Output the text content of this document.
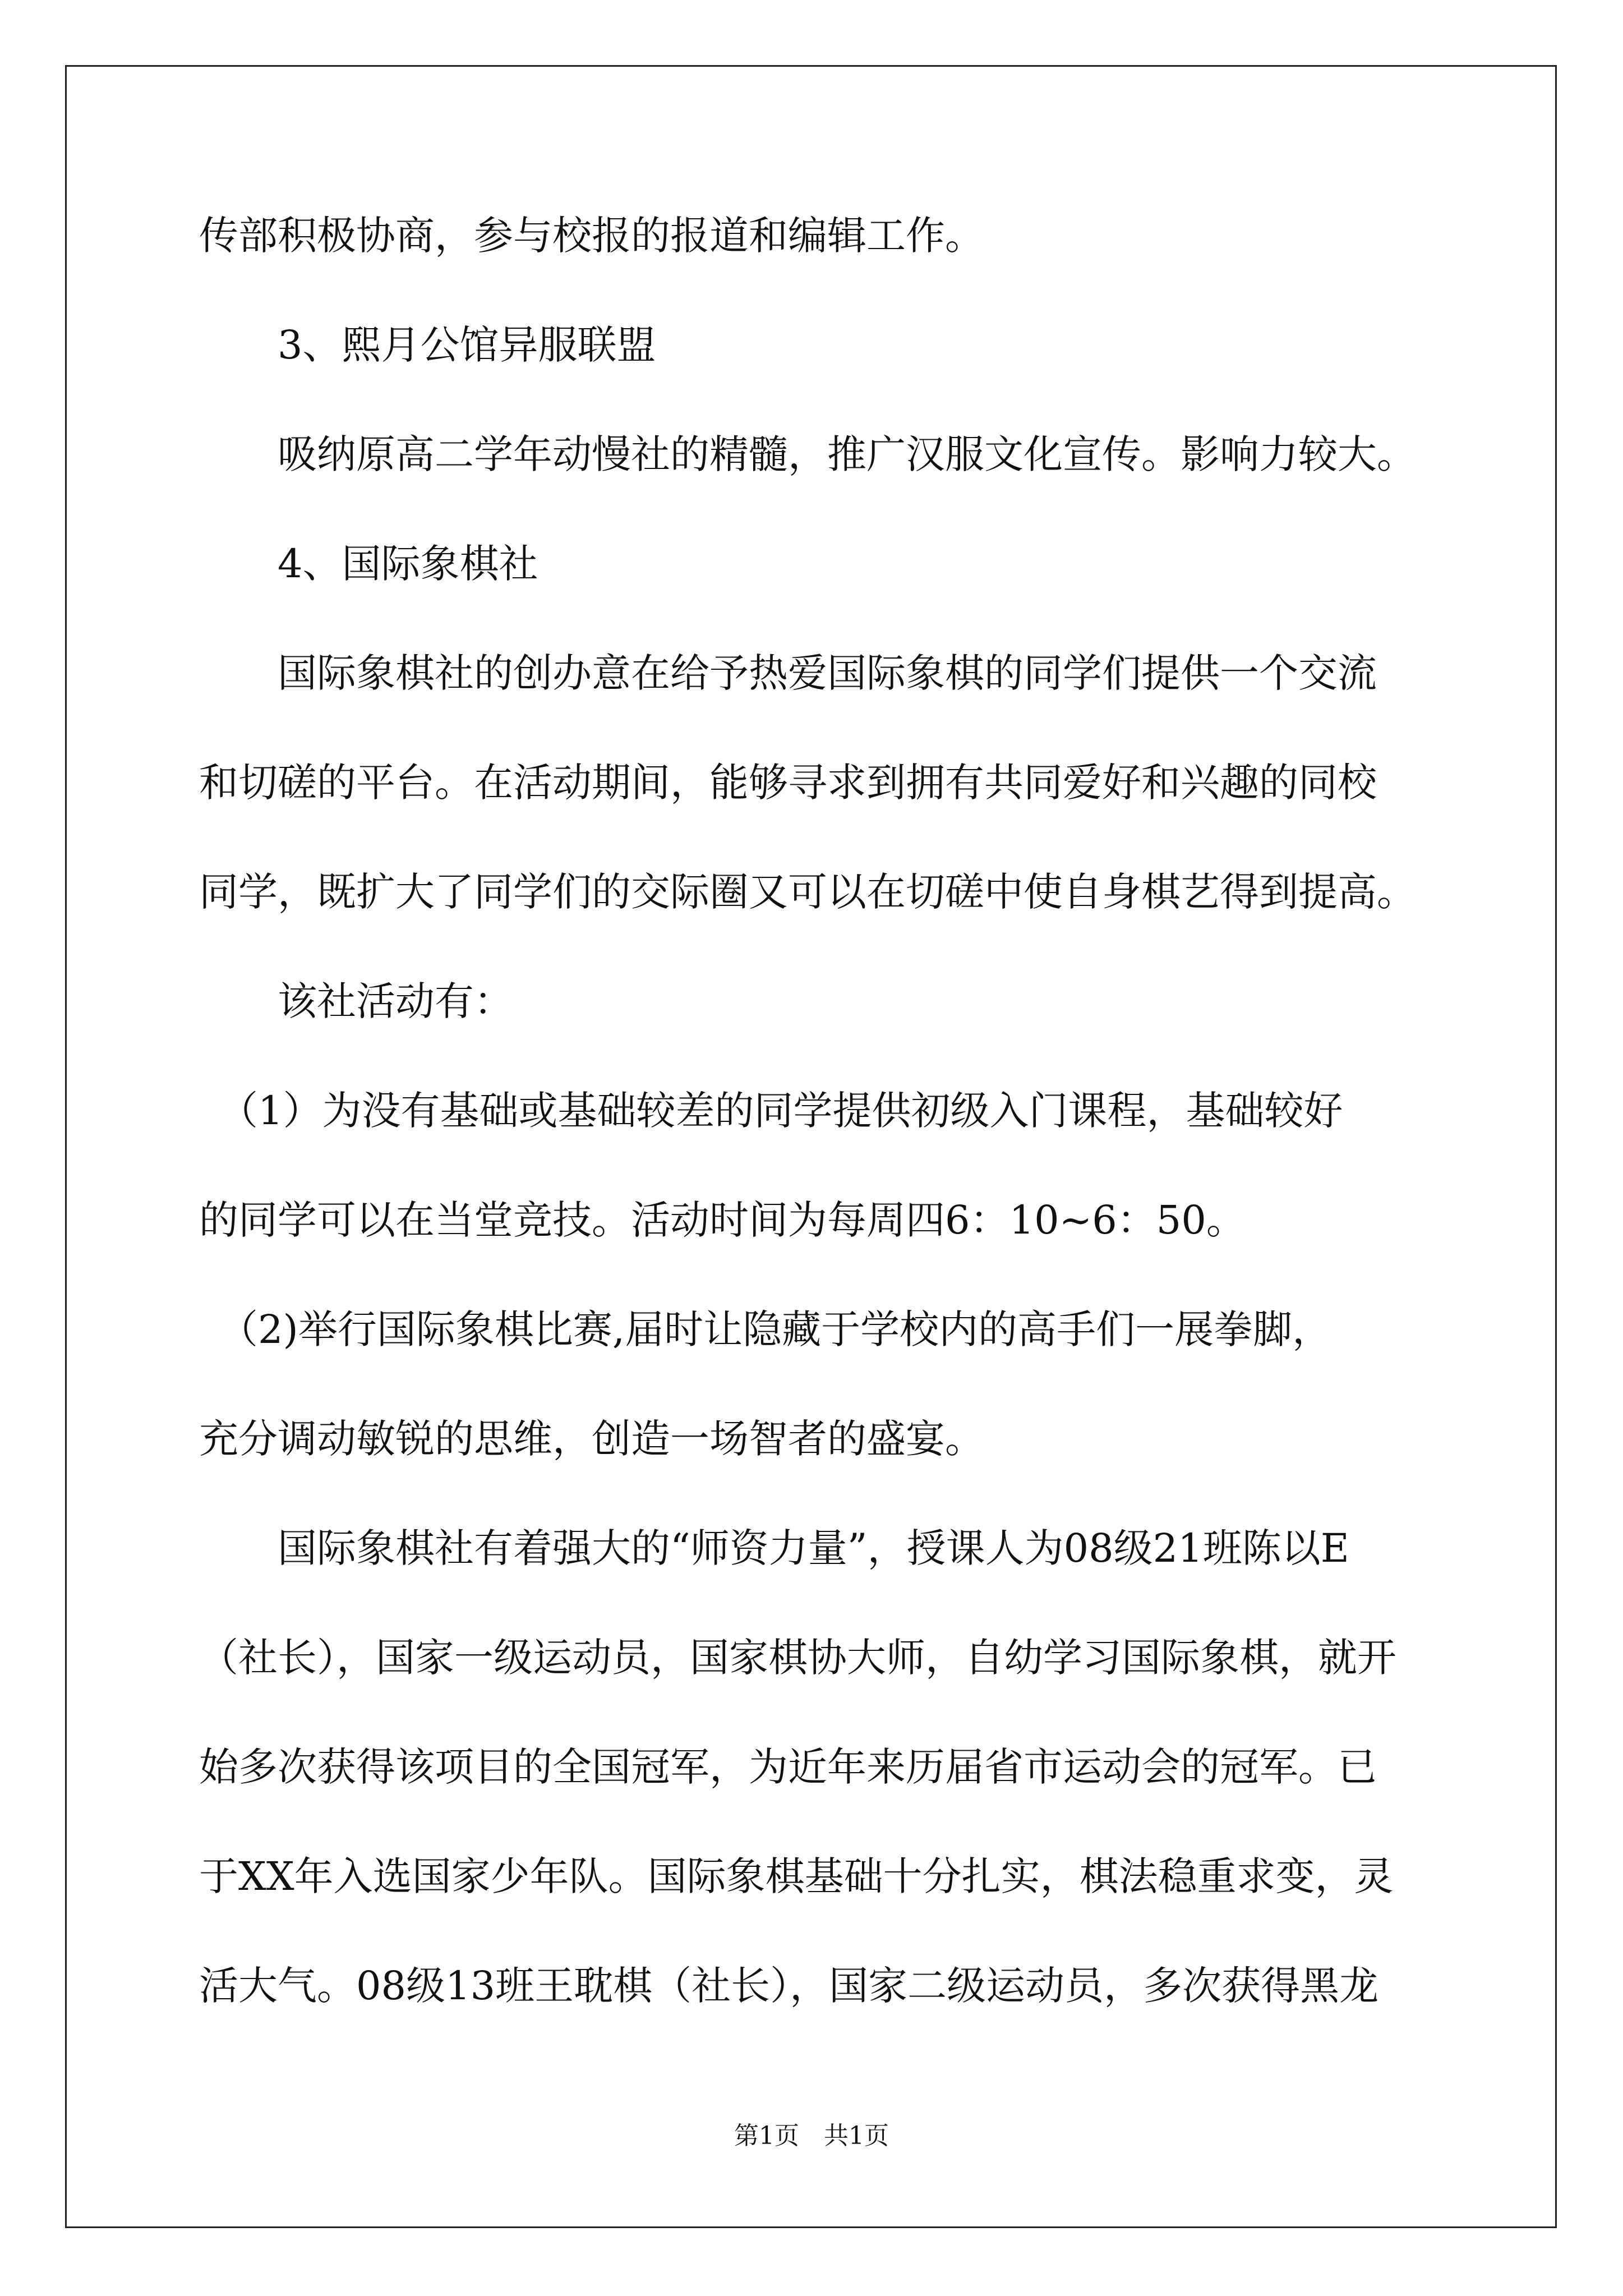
传部积极协商，参与校报的报道和编辑工作。

　　3、熙月公馆异服联盟

　　吸纳原高二学年动慢社的精髓，推广汉服文化宣传。影响力较大。

　　4、国际象棋社

　　国际象棋社的创办意在给予热爱国际象棋的同学们提供一个交流

和切磋的平台。在活动期间，能够寻求到拥有共同爱好和兴趣的同校

同学，既扩大了同学们的交际圈又可以在切磋中使自身棋艺得到提高。

　　该社活动有：

　（1）为没有基础或基础较差的同学提供初级入门课程，基础较好

的同学可以在当堂竞技。活动时间为每周四6：10~6：50。

　（2)举行国际象棋比赛,届时让隐藏于学校内的高手们一展拳脚，

充分调动敏锐的思维，创造一场智者的盛宴。

　　国际象棋社有着强大的“师资力量”，授课人为08级21班陈以E

（社长），国家一级运动员，国家棋协大师，自幼学习国际象棋，就开

始多次获得该项目的全国冠军，为近年来历届省市运动会的冠军。已

于XX年入选国家少年队。国际象棋基础十分扎实，棋法稳重求变，灵

活大气。08级13班王耽棋（社长），国家二级运动员，多次获得黑龙

第1页　共1页
